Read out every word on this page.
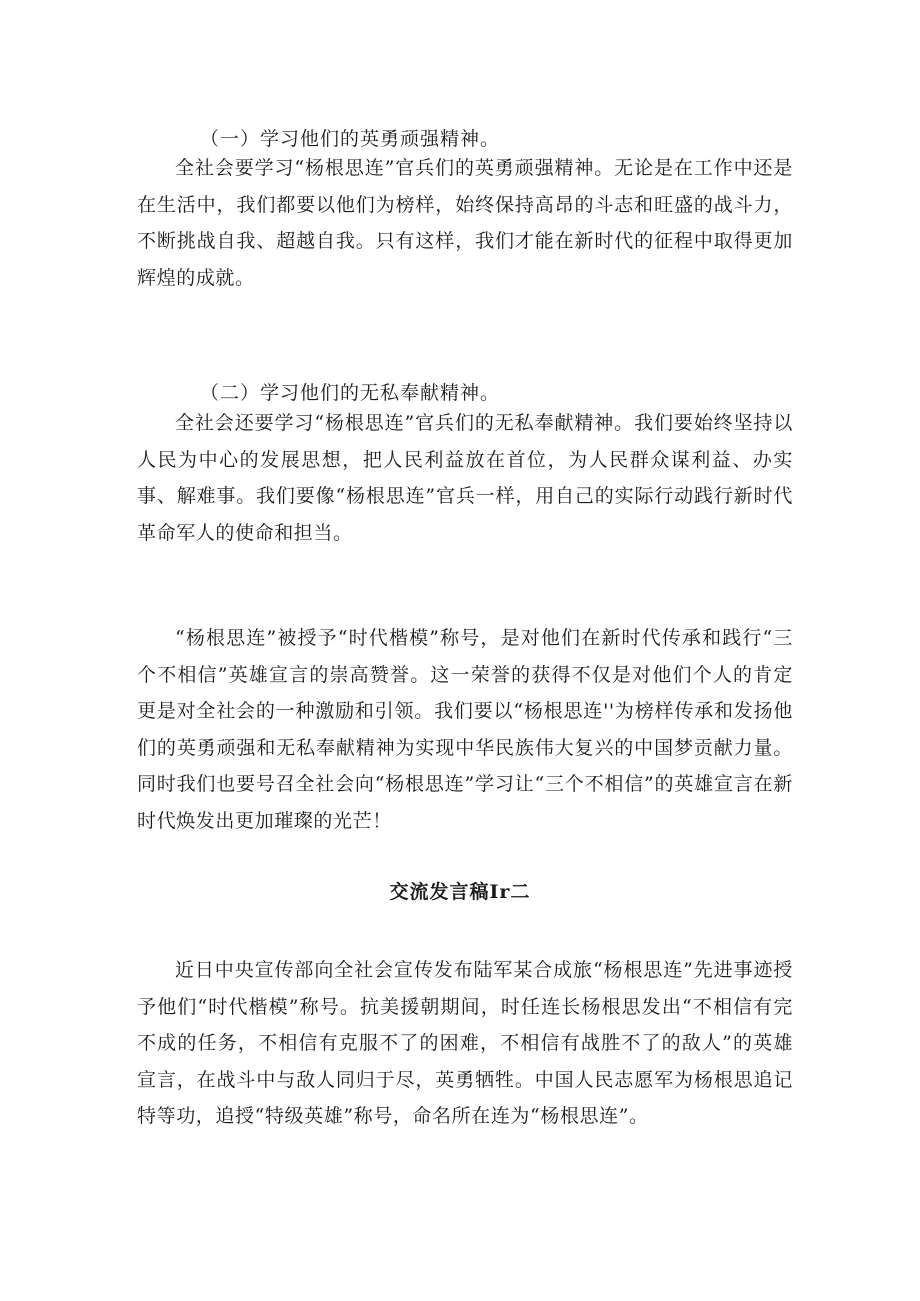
（一）学习他们的英勇顽强精神。

全社会要学习“杨根思连”官兵们的英勇顽强精神。无论是在工作中还是在生活中，我们都要以他们为榜样，始终保持高昂的斗志和旺盛的战斗力，不断挑战自我、超越自我。只有这样，我们才能在新时代的征程中取得更加辉煌的成就。

（二）学习他们的无私奉献精神。

全社会还要学习“杨根思连”官兵们的无私奉献精神。我们要始终坚持以人民为中心的发展思想，把人民利益放在首位，为人民群众谋利益、办实事、解难事。我们要像“杨根思连”官兵一样，用自己的实际行动践行新时代革命军人的使命和担当。

“杨根思连”被授予“时代楷模”称号，是对他们在新时代传承和践行“三个不相信”英雄宣言的崇高赞誉。这一荣誉的获得不仅是对他们个人的肯定更是对全社会的一种激励和引领。我们要以“杨根思连''为榜样传承和发扬他们的英勇顽强和无私奉献精神为实现中华民族伟大复兴的中国梦贡献力量。同时我们也要号召全社会向“杨根思连”学习让“三个不相信”的英雄宣言在新时代焕发出更加璀璨的光芒！

交流发言稿Ir二

近日中央宣传部向全社会宣传发布陆军某合成旅“杨根思连”先进事迹授予他们“时代楷模”称号。抗美援朝期间，时任连长杨根思发出“不相信有完不成的任务，不相信有克服不了的困难，不相信有战胜不了的敌人”的英雄宣言，在战斗中与敌人同归于尽，英勇牺牲。中国人民志愿军为杨根思追记特等功，追授“特级英雄”称号，命名所在连为“杨根思连”。
